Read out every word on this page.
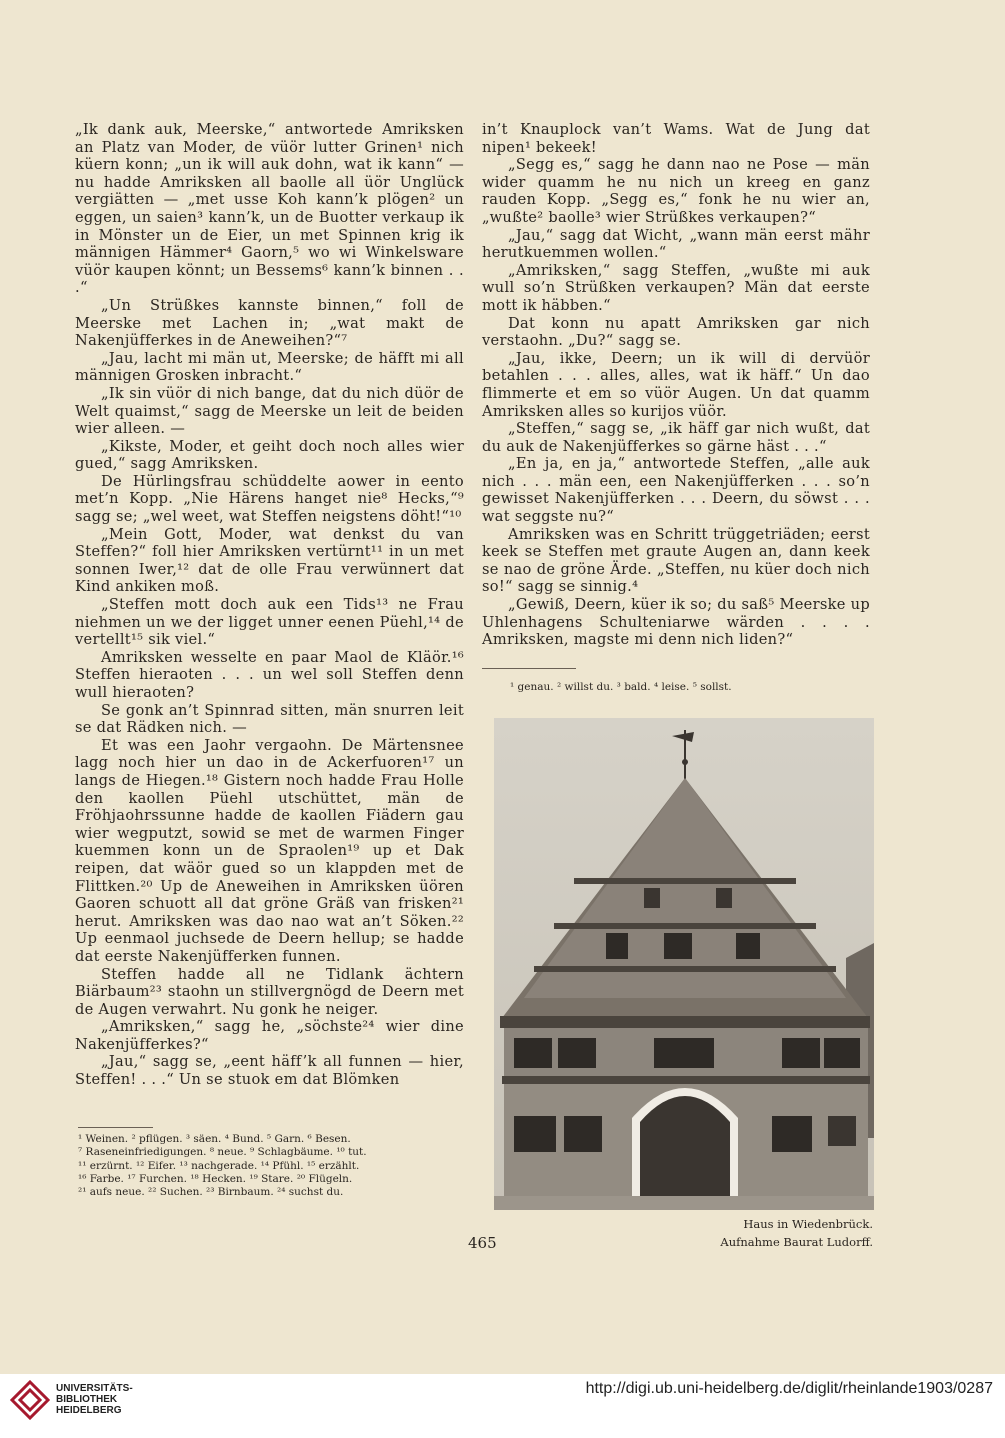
„Ik dank auk, Meerske,“ antwortede Amriksken an Platz van Moder, de vüör lutter Grinen¹ nich küern konn; „un ik will auk dohn, wat ik kann“ — nu hadde Amriksken all baolle all üör Unglück vergiätten — „met usse Koh kann’k plögen² un eggen, un saien³ kann’k, un de Buotter verkaup ik in Mönster un de Eier, un met Spinnen krig ik männigen Hämmer⁴ Gaorn,⁵ wo wi Winkelsware vüör kaupen könnt; un Bessems⁶ kann’k binnen . . .“

„Un Strüßkes kannste binnen,“ foll de Meerske met Lachen in; „wat makt de Nakenjüfferkes in de Aneweihen?“⁷

„Jau, lacht mi män ut, Meerske; de häfft mi all männigen Grosken inbracht.“

„Ik sin vüör di nich bange, dat du nich düör de Welt quaimst,“ sagg de Meerske un leit de beiden wier alleen. —

„Kikste, Moder, et geiht doch noch alles wier gued,“ sagg Amriksken.

De Hürlingsfrau schüddelte aower in eento met’n Kopp. „Nie Härens hanget nie⁸ Hecks,“⁹ sagg se; „wel weet, wat Steffen neigstens döht!“¹⁰

„Mein Gott, Moder, wat denkst du van Steffen?“ foll hier Amriksken vertürnt¹¹ in un met sonnen Iwer,¹² dat de olle Frau verwünnert dat Kind ankiken moß.

„Steffen mott doch auk een Tids¹³ ne Frau niehmen un we der ligget unner eenen Püehl,¹⁴ de vertellt¹⁵ sik viel.“

Amriksken wesselte en paar Maol de Kläör.¹⁶ Steffen hieraoten . . . un wel soll Steffen denn wull hieraoten?

Se gonk an’t Spinnrad sitten, män snurren leit se dat Rädken nich. —

Et was een Jaohr vergaohn. De Märtensnee lagg noch hier un dao in de Ackerfuoren¹⁷ un langs de Hiegen.¹⁸ Gistern noch hadde Frau Holle den kaollen Püehl utschüttet, män de Fröhjaohrssunne hadde de kaollen Fiädern gau wier wegputzt, sowid se met de warmen Finger kuemmen konn un de Spraolen¹⁹ up et Dak reipen, dat wäör gued so un klappden met de Flittken.²⁰ Up de Aneweihen in Amriksken üören Gaoren schuott all dat gröne Gräß van frisken²¹ herut. Amriksken was dao nao wat an’t Söken.²² Up eenmaol juchsede de Deern hellup; se hadde dat eerste Nakenjüfferken funnen.

Steffen hadde all ne Tidlank ächtern Biärbaum²³ staohn un stillvergnögd de Deern met de Augen verwahrt. Nu gonk he neiger.

„Amriksken,“ sagg he, „söchste²⁴ wier dine Nakenjüfferkes?“

„Jau,“ sagg se, „eent häff’k all funnen — hier, Steffen! . . .“ Un se stuok em dat Blömken

¹ Weinen. ² pflügen. ³ säen. ⁴ Bund. ⁵ Garn. ⁶ Besen.
⁷ Raseneinfriedigungen. ⁸ neue. ⁹ Schlagbäume. ¹⁰ tut.
¹¹ erzürnt. ¹² Eifer. ¹³ nachgerade. ¹⁴ Pfühl. ¹⁵ erzählt.
¹⁶ Farbe. ¹⁷ Furchen. ¹⁸ Hecken. ¹⁹ Stare. ²⁰ Flügeln.
²¹ aufs neue. ²² Suchen. ²³ Birnbaum. ²⁴ suchst du.

in’t Knauplock van’t Wams. Wat de Jung dat nipen¹ bekeek!

„Segg es,“ sagg he dann nao ne Pose — män wider quamm he nu nich un kreeg en ganz rauden Kopp. „Segg es,“ fonk he nu wier an, „wußte² baolle³ wier Strüßkes verkaupen?“

„Jau,“ sagg dat Wicht, „wann män eerst mähr herutkuemmen wollen.“

„Amriksken,“ sagg Steffen, „wußte mi auk wull so’n Strüßken verkaupen? Män dat eerste mott ik häbben.“

Dat konn nu apatt Amriksken gar nich verstaohn. „Du?“ sagg se.

„Jau, ikke, Deern; un ik will di dervüör betahlen . . . alles, alles, wat ik häff.“ Un dao flimmerte et em so vüör Augen. Un dat quamm Amriksken alles so kurijos vüör.

„Steffen,“ sagg se, „ik häff gar nich wußt, dat du auk de Nakenjüfferkes so gärne häst . . .“

„En ja, en ja,“ antwortede Steffen, „alle auk nich . . . män een, een Nakenjüfferken . . . so’n gewisset Nakenjüfferken . . . Deern, du söwst . . . wat seggste nu?“

Amriksken was en Schritt trüggetriäden; eerst keek se Steffen met graute Augen an, dann keek se nao de gröne Ärde. „Steffen, nu küer doch nich so!“ sagg se sinnig.⁴

„Gewiß, Deern, küer ik so; du saß⁵ Meerske up Uhlenhagens Schulteniarwe wärden . . . . Amriksken, magste mi denn nich liden?“

¹ genau. ² willst du. ³ bald. ⁴ leise. ⁵ sollst.
Haus in Wiedenbrück.
Aufnahme Baurat Ludorff.
465
UNIVERSITÄTS-
BIBLIOTHEK
HEIDELBERG
http://digi.ub.uni-heidelberg.de/diglit/rheinlande1903/0287
